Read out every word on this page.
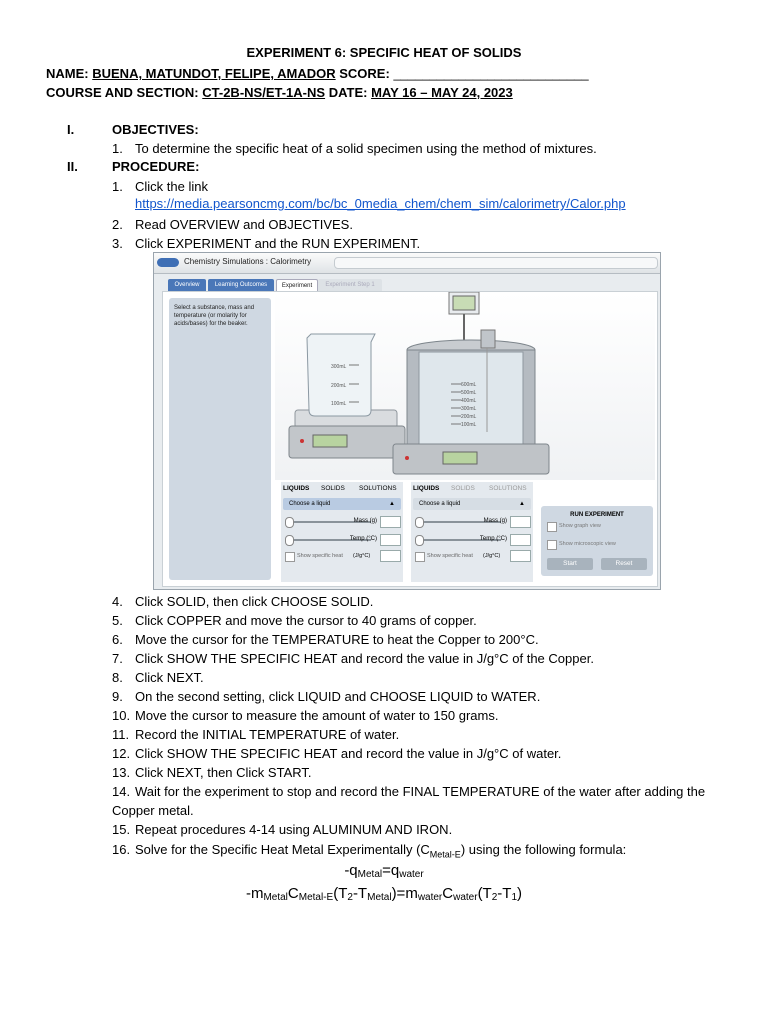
EXPERIMENT 6: SPECIFIC HEAT OF SOLIDS
NAME: BUENA, MATUNDOT, FELIPE, AMADOR SCORE: ___________________________
COURSE AND SECTION: CT-2B-NS/ET-1A-NS DATE: MAY 16 – MAY 24, 2023
I.	OBJECTIVES:
1. To determine the specific heat of a solid specimen using the method of mixtures.
II.	PROCEDURE:
1. Click the link
https://media.pearsoncmg.com/bc/bc_0media_chem/chem_sim/calorimetry/Calor.php
2. Read OVERVIEW and OBJECTIVES.
3. Click EXPERIMENT and the RUN EXPERIMENT.
Chemistry Simulations : Calorimetry
Overview	Learning Outcomes	Experiment	Experiment Step 1
Select a substance, mass and temperature (or molarity for acids/bases) for the beaker.
300mL
200mL
100mL
600mL
500mL
400mL
300mL
200mL
100mL
LIQUIDS SOLIDS SOLUTIONS
Choose a liquid	▲
Mass (g)
Temp (°C)
Show specific heat (J/g°C)
LIQUIDS SOLIDS SOLUTIONS
Choose a liquid	▲
Mass (g)
Temp (°C)
Show specific heat (J/g°C)
RUN EXPERIMENT
Show graph view
Show microscopic view
Start	Reset
4. Click SOLID, then click CHOOSE SOLID.
5. Click COPPER and move the cursor to 40 grams of copper.
6. Move the cursor for the TEMPERATURE to heat the Copper to 200°C.
7. Click SHOW THE SPECIFIC HEAT and record the value in J/g°C of the Copper.
8. Click NEXT.
9. On the second setting, click LIQUID and CHOOSE LIQUID to WATER.
10. Move the cursor to measure the amount of water to 150 grams.
11. Record the INITIAL TEMPERATURE of water.
12. Click SHOW THE SPECIFIC HEAT and record the value in J/g°C of water.
13. Click NEXT, then Click START.
14. Wait for the experiment to stop and record the FINAL TEMPERATURE of the water after adding the Copper metal.
15. Repeat procedures 4-14 using ALUMINUM AND IRON.
16. Solve for the Specific Heat Metal Experimentally $(C_{Metal-E})$ using the following formula:
$-q_{Metal}=q_{water}$
$-m_{Metal}C_{Metal-E}(T_2-T_{Metal})=m_{water}C_{water}(T_2-T_1)$
